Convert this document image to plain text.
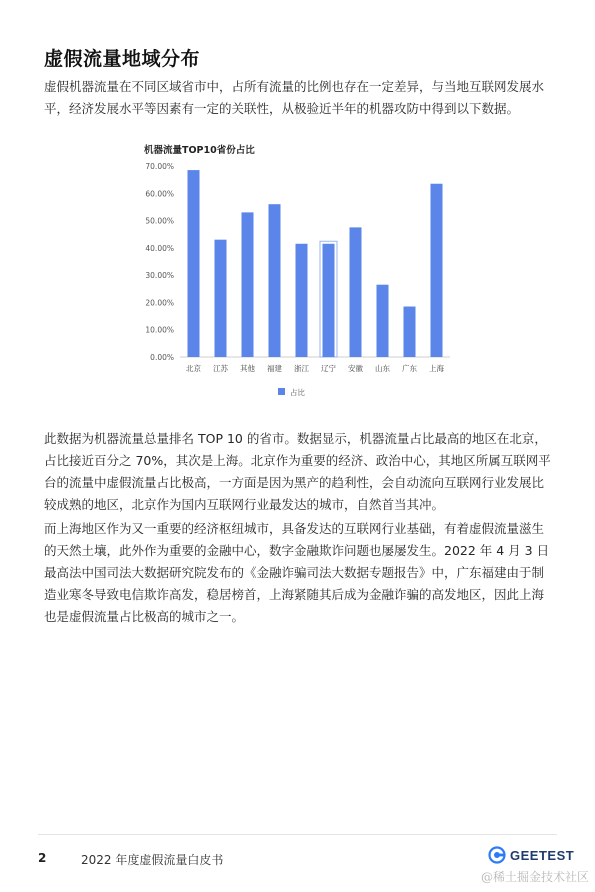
虚假流量地域分布
虚假机器流量在不同区域省市中，占所有流量的比例也存在一定差异，与当地互联网发展水平，经济发展水平等因素有一定的关联性，从极验近半年的机器攻防中得到以下数据。
0.00%
10.00%
20.00%
30.00%
40.00%
50.00%
60.00%
70.00%
北京 江苏 其他 福建 浙江 辽宁 安徽 山东 广东 上海
占比
机器流量TOP10省份占比
此数据为机器流量总量排名 TOP 10 的省市。数据显示，机器流量占比最高的地区在北京，占比接近百分之 70%，其次是上海。北京作为重要的经济、政治中心，其地区所属互联网平台的流量中虚假流量占比极高，一方面是因为黑产的趋利性，会自动流向互联网行业发展比较成熟的地区，北京作为国内互联网行业最发达的城市，自然首当其冲。
而上海地区作为又一重要的经济枢纽城市，具备发达的互联网行业基础，有着虚假流量滋生的天然土壤，此外作为重要的金融中心，数字金融欺诈问题也屡屡发生。2022 年 4 月 3 日最高法中国司法大数据研究院发布的《金融诈骗司法大数据专题报告》中，广东福建由于制造业寒冬导致电信欺诈高发，稳居榜首，上海紧随其后成为金融诈骗的高发地区，因此上海也是虚假流量占比极高的城市之一。
2	2022 年度虚假流量白皮书	GEETEST
@稀土掘金技术社区
